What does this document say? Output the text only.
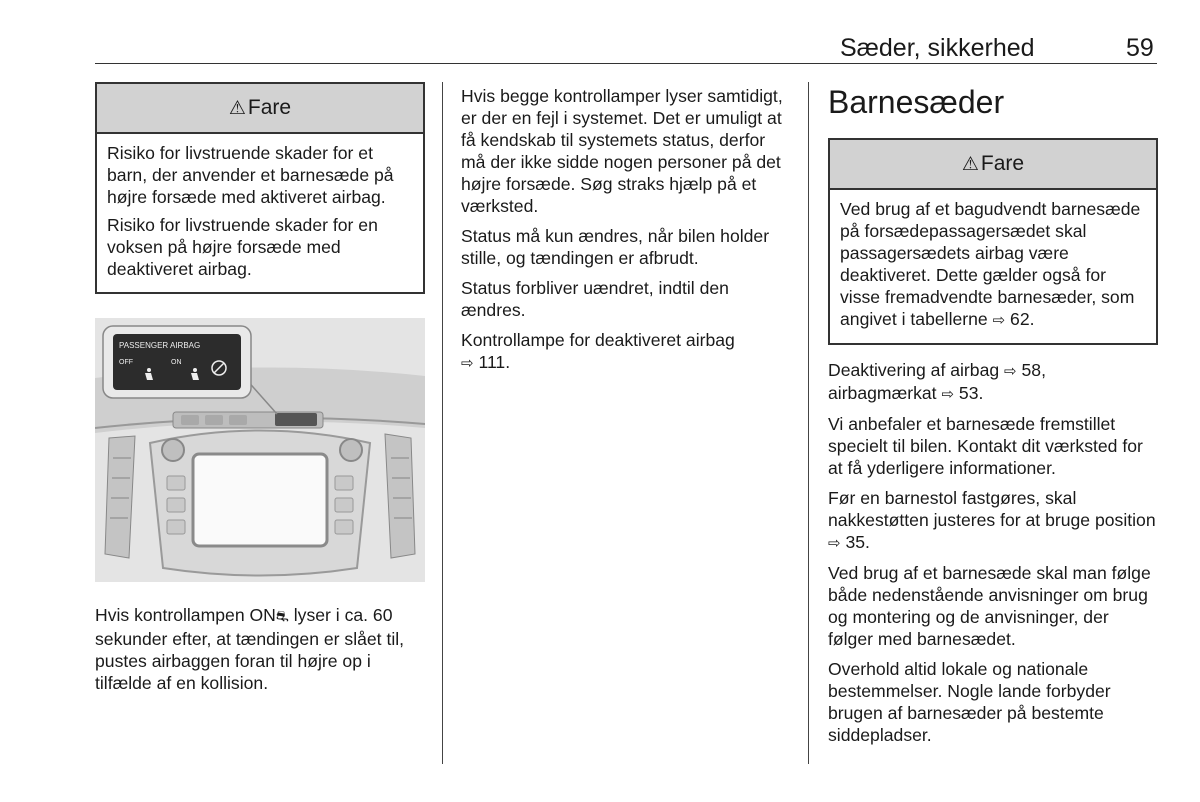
Sæder, sikkerhed	59
⚠Fare

Risiko for livstruende skader for et barn, der anvender et barnesæde på højre forsæde med aktiveret airbag.

Risiko for livstruende skader for en voksen på højre forsæde med deaktiveret airbag.

PASSENGER AIRBAG
OFF	ON

Hvis kontrollampen ON⛐ lyser i ca. 60 sekunder efter, at tændingen er slået til, pustes airbaggen foran til højre op i tilfælde af en kollision.

Hvis begge kontrollamper lyser samtidigt, er der en fejl i systemet. Det er umuligt at få kendskab til systemets status, derfor må der ikke sidde nogen personer på det højre forsæde. Søg straks hjælp på et værksted.

Status må kun ændres, når bilen holder stille, og tændingen er afbrudt.

Status forbliver uændret, indtil den ændres.

Kontrollampe for deaktiveret airbag
⇨ 111.

Barnesæder
⚠Fare

Ved brug af et bagudvendt barnesæde på forsædepassagersædet skal passagersædets airbag være deaktiveret. Dette gælder også for visse fremadvendte barnesæder, som angivet i tabellerne ⇨ 62.

Deaktivering af airbag ⇨ 58, airbagmærkat ⇨ 53.

Vi anbefaler et barnesæde fremstillet specielt til bilen. Kontakt dit værksted for at få yderligere informationer.

Før en barnestol fastgøres, skal nakkestøtten justeres for at bruge position ⇨ 35.

Ved brug af et barnesæde skal man følge både nedenstående anvisninger om brug og montering og de anvisninger, der følger med barnesædet.

Overhold altid lokale og nationale bestemmelser. Nogle lande forbyder brugen af barnesæder på bestemte siddepladser.
